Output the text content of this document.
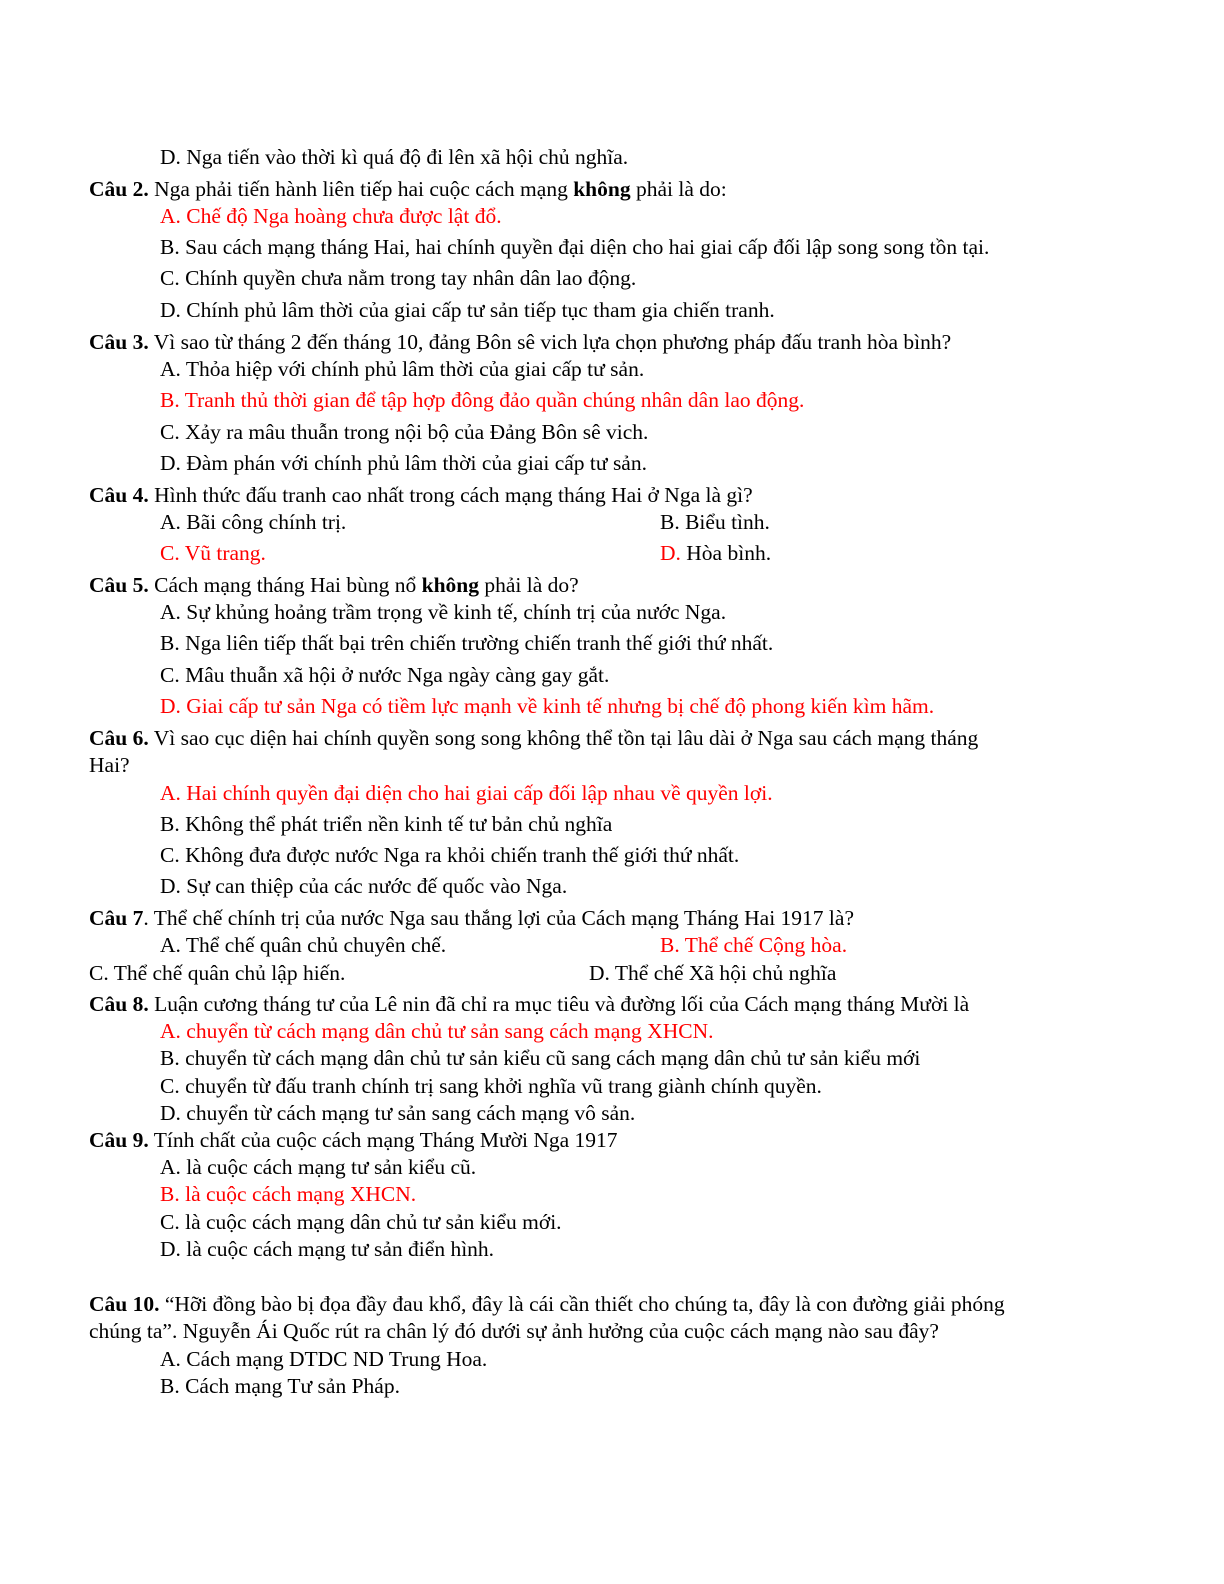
D. Nga tiến vào thời kì quá độ đi lên xã hội chủ nghĩa.
Câu 2. Nga phải tiến hành liên tiếp hai cuộc cách mạng không phải là do:
A. Chế độ Nga hoàng chưa được lật đổ.
B. Sau cách mạng tháng Hai, hai chính quyền đại diện cho hai giai cấp đối lập song song tồn tại.
C. Chính quyền chưa nằm trong tay nhân dân lao động.
D. Chính phủ lâm thời của giai cấp tư sản tiếp tục tham gia chiến tranh.
Câu 3. Vì sao từ tháng 2 đến tháng 10, đảng Bôn sê vich lựa chọn phương pháp đấu tranh hòa bình?
A. Thỏa hiệp với chính phủ lâm thời của giai cấp tư sản.
B. Tranh thủ thời gian để tập hợp đông đảo quần chúng nhân dân lao động.
C. Xảy ra mâu thuẫn trong nội bộ của Đảng Bôn sê vich.
D. Đàm phán với chính phủ lâm thời của giai cấp tư sản.
Câu 4. Hình thức đấu tranh cao nhất trong cách mạng tháng Hai ở Nga là gì?
A. Bãi công chính trị.	B. Biểu tình.
C. Vũ trang.	D. Hòa bình.
Câu 5. Cách mạng tháng Hai bùng nổ không phải là do?
A. Sự khủng hoảng trầm trọng về kinh tế, chính trị của nước Nga.
B. Nga liên tiếp thất bại trên chiến trường chiến tranh thế giới thứ nhất.
C. Mâu thuẫn xã hội ở nước Nga ngày càng gay gắt.
D. Giai cấp tư sản Nga có tiềm lực mạnh về kinh tế nhưng bị chế độ phong kiến kìm hãm.
Câu 6. Vì sao cục diện hai chính quyền song song không thể tồn tại lâu dài ở Nga sau cách mạng tháng
Hai?
A. Hai chính quyền đại diện cho hai giai cấp đối lập nhau về quyền lợi.
B. Không thể phát triển nền kinh tế tư bản chủ nghĩa
C. Không đưa được nước Nga ra khỏi chiến tranh thế giới thứ nhất.
D. Sự can thiệp của các nước đế quốc vào Nga.
Câu 7. Thể chế chính trị của nước Nga sau thắng lợi của Cách mạng Tháng Hai 1917 là?
A. Thể chế quân chủ chuyên chế.	B. Thể chế Cộng hòa.
C. Thể chế quân chủ lập hiến.	D. Thể chế Xã hội chủ nghĩa
Câu 8. Luận cương tháng tư của Lê nin đã chỉ ra mục tiêu và đường lối của Cách mạng tháng Mười là
A. chuyển từ cách mạng dân chủ tư sản sang cách mạng XHCN.
B. chuyển từ cách mạng dân chủ tư sản kiểu cũ sang cách mạng dân chủ tư sản kiểu mới
C. chuyển từ đấu tranh chính trị sang khởi nghĩa vũ trang giành chính quyền.
D. chuyển từ cách mạng tư sản sang cách mạng vô sản.
Câu 9. Tính chất của cuộc cách mạng Tháng Mười Nga 1917
A. là cuộc cách mạng tư sản kiểu cũ.
B. là cuộc cách mạng XHCN.
C. là cuộc cách mạng dân chủ tư sản kiểu mới.
D. là cuộc cách mạng tư sản điển hình.
Câu 10. “Hỡi đồng bào bị đọa đầy đau khổ, đây là cái cần thiết cho chúng ta, đây là con đường giải phóng
chúng ta”. Nguyễn Ái Quốc rút ra chân lý đó dưới sự ảnh hưởng của cuộc cách mạng nào sau đây?
A. Cách mạng DTDC ND Trung Hoa.
B. Cách mạng Tư sản Pháp.
